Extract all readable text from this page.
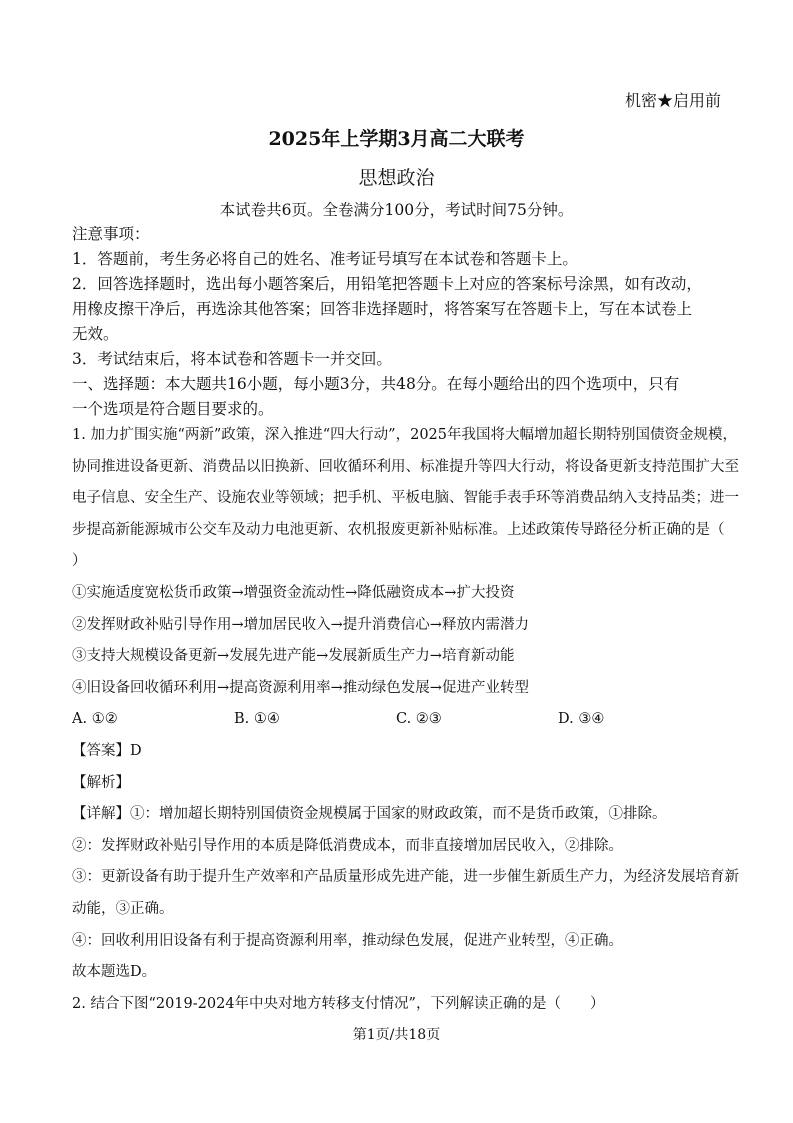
机密★启用前
2025年上学期3月高二大联考
思想政治
本试卷共6页。全卷满分100分，考试时间75分钟。

注意事项：

1．答题前，考生务必将自己的姓名、准考证号填写在本试卷和答题卡上。

2．回答选择题时，选出每小题答案后，用铅笔把答题卡上对应的答案标号涂黑，如有改动，

用橡皮擦干净后，再选涂其他答案；回答非选择题时，将答案写在答题卡上，写在本试卷上

无效。

3．考试结束后，将本试卷和答题卡一并交回。

一、选择题：本大题共16小题，每小题3分，共48分。在每小题给出的四个选项中，只有

一个选项是符合题目要求的。

1. 加力扩围实施“两新”政策，深入推进“四大行动”，2025年我国将大幅增加超长期特别国债资金规模，

协同推进设备更新、消费品以旧换新、回收循环利用、标准提升等四大行动，将设备更新支持范围扩大至

电子信息、安全生产、设施农业等领域；把手机、平板电脑、智能手表手环等消费品纳入支持品类；进一

步提高新能源城市公交车及动力电池更新、农机报废更新补贴标准。上述政策传导路径分析正确的是（

）

①实施适度宽松货币政策→增强资金流动性→降低融资成本→扩大投资

②发挥财政补贴引导作用→增加居民收入→提升消费信心→释放内需潜力

③支持大规模设备更新→发展先进产能→发展新质生产力→培育新动能

④旧设备回收循环利用→提高资源利用率→推动绿色发展→促进产业转型

A. ①②	B. ①④	C. ②③	D. ③④

【答案】D

【解析】

【详解】①：增加超长期特别国债资金规模属于国家的财政政策，而不是货币政策，①排除。

②：发挥财政补贴引导作用的本质是降低消费成本，而非直接增加居民收入，②排除。

③：更新设备有助于提升生产效率和产品质量形成先进产能，进一步催生新质生产力，为经济发展培育新

动能，③正确。

④：回收利用旧设备有利于提高资源利用率，推动绿色发展，促进产业转型，④正确。

故本题选D。

2. 结合下图“2019-2024年中央对地方转移支付情况”，下列解读正确的是（　　）

第1页/共18页
